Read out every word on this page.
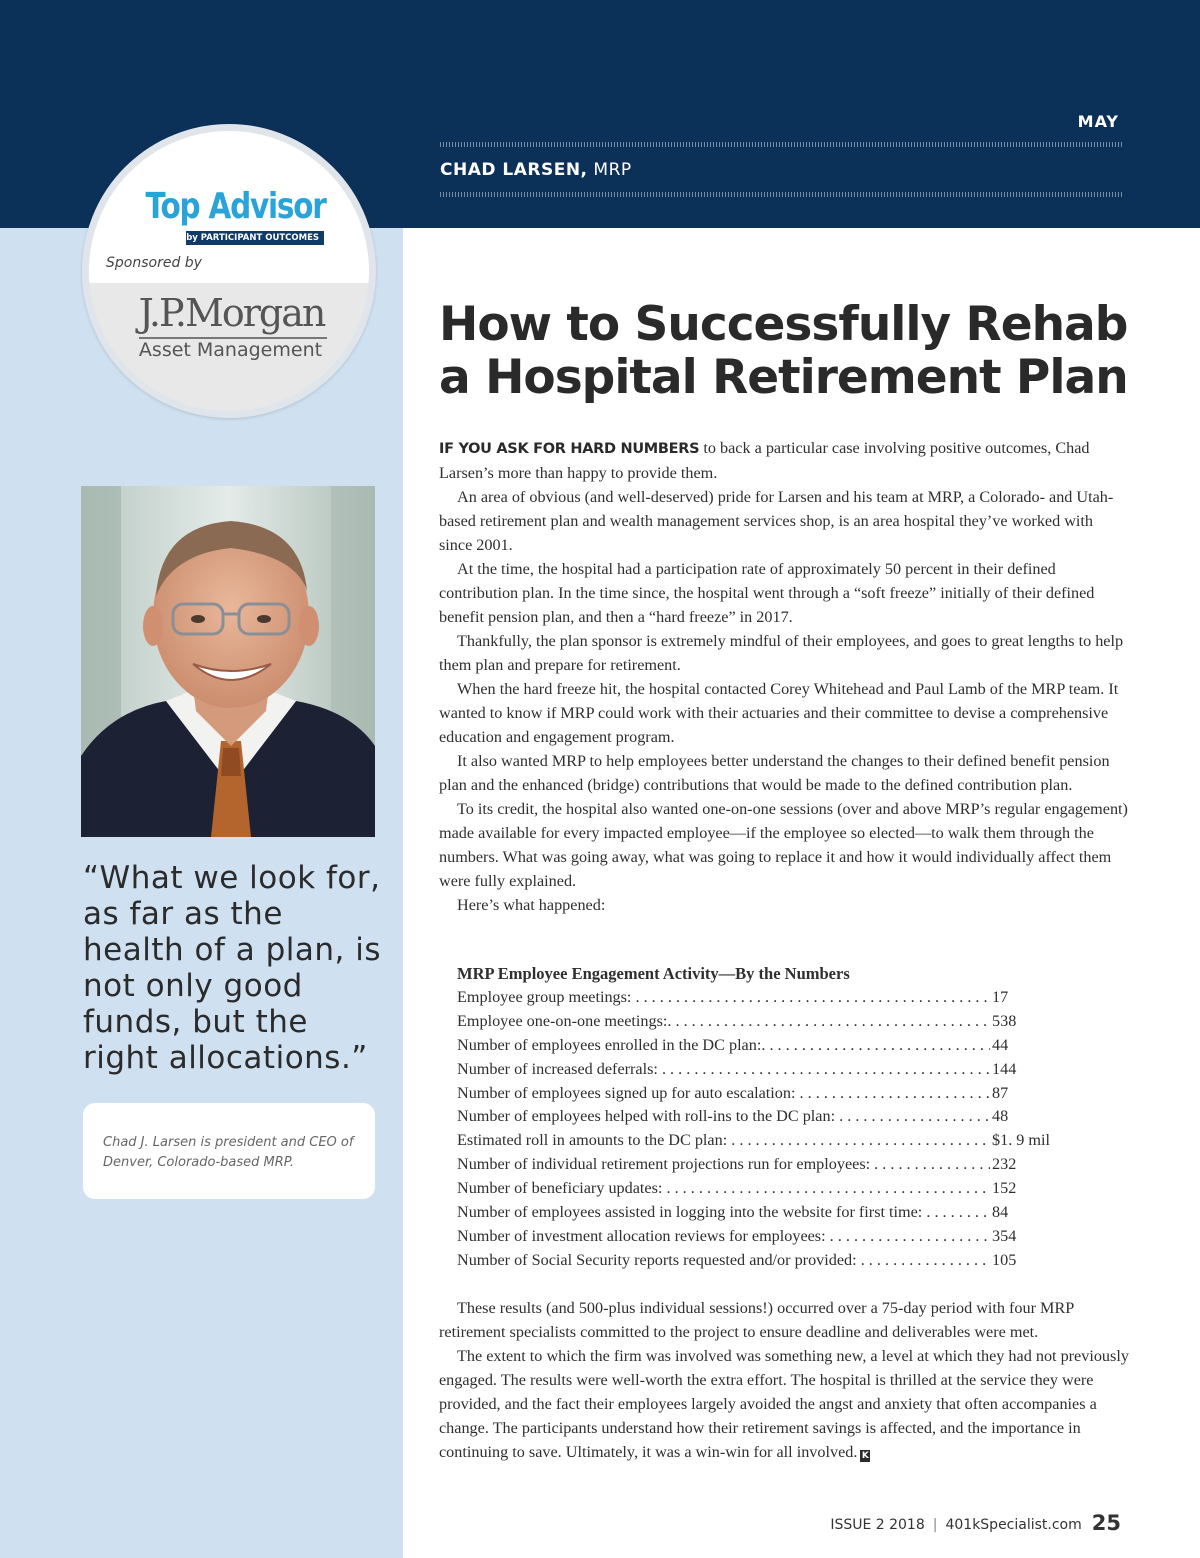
MAY
CHAD LARSEN, MRP
Top Advisor
by PARTICIPANT OUTCOMES
Sponsored by
J.P.Morgan
Asset Management
“What we look for, as far as the health of a plan, is not only good funds, but the right allocations.”
Chad J. Larsen is president and CEO of Denver, Colorado-based MRP.
How to Successfully Rehab
a Hospital Retirement Plan

IF YOU ASK FOR HARD NUMBERS to back a particular case involving positive outcomes, Chad Larsen’s more than happy to provide them.

An area of obvious (and well-deserved) pride for Larsen and his team at MRP, a Colorado- and Utah-based retirement plan and wealth management services shop, is an area hospital they’ve worked with since 2001.

At the time, the hospital had a participation rate of approximately 50 percent in their defined contribution plan. In the time since, the hospital went through a “soft freeze” initially of their defined benefit pension plan, and then a “hard freeze” in 2017.

Thankfully, the plan sponsor is extremely mindful of their employees, and goes to great lengths to help them plan and prepare for retirement.

When the hard freeze hit, the hospital contacted Corey Whitehead and Paul Lamb of the MRP team. It wanted to know if MRP could work with their actuaries and their committee to devise a comprehensive education and engagement program.

It also wanted MRP to help employees better understand the changes to their defined benefit pension plan and the enhanced (bridge) contributions that would be made to the defined contribution plan.

To its credit, the hospital also wanted one-on-one sessions (over and above MRP’s regular engagement) made available for every impacted employee—if the employee so elected—to walk them through the numbers. What was going away, what was going to replace it and how it would individually affect them were fully explained.

Here’s what happened:

MRP Employee Engagement Activity—By the Numbers
Employee group meetings: . . .	17
Employee one-on-one meetings:. . . .	538
Number of employees enrolled in the DC plan:. . . .	44
Number of increased deferrals: . . .	144
Number of employees signed up for auto escalation: . . .	87
Number of employees helped with roll-ins to the DC plan: . . .	48
Estimated roll in amounts to the DC plan: . . .	$1. 9 mil
Number of individual retirement projections run for employees: . . .	232
Number of beneficiary updates: . . .	152
Number of employees assisted in logging into the website for first time: . . .	84
Number of investment allocation reviews for employees: . . .	354
Number of Social Security reports requested and/or provided: . . .	105

These results (and 500-plus individual sessions!) occurred over a 75-day period with four MRP retirement specialists committed to the project to ensure deadline and deliverables were met.

The extent to which the firm was involved was something new, a level at which they had not previously engaged. The results were well-worth the extra effort. The hospital is thrilled at the service they were provided, and the fact their employees largely avoided the angst and anxiety that often accompanies a change. The participants understand how their retirement savings is affected, and the importance in continuing to save. Ultimately, it was a win-win for all involved. K

ISSUE 2 2018 | 401kSpecialist.com 25
